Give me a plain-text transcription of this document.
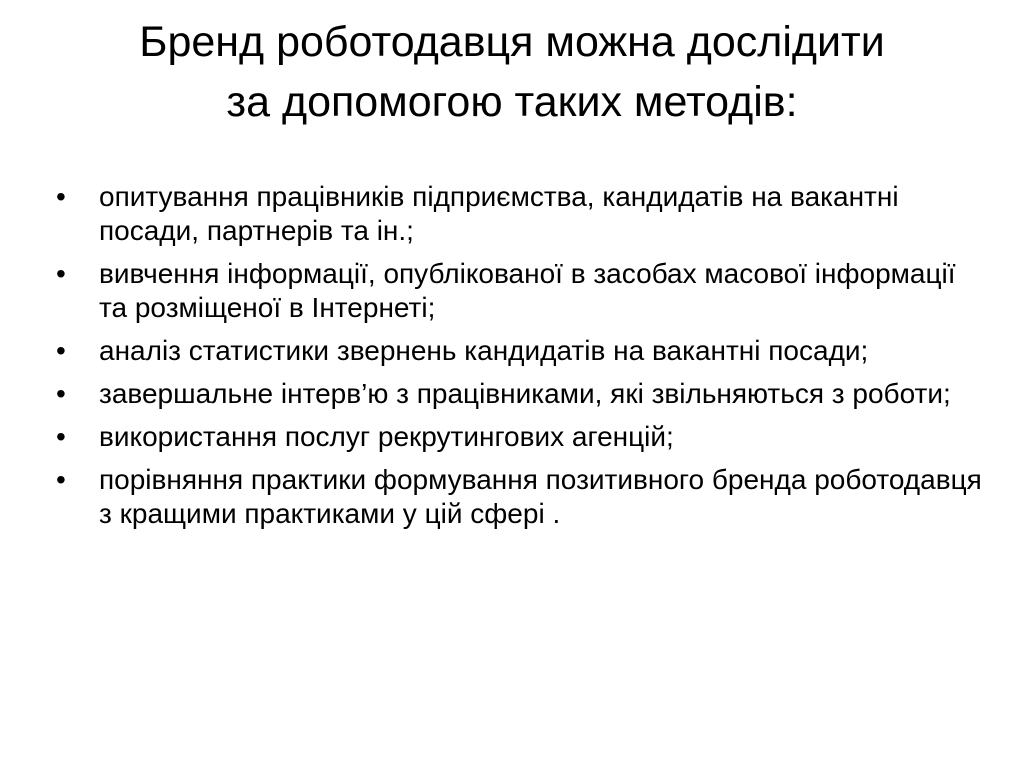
Бренд роботодавця можна дослідити
за допомогою таких методів:
•	опитування працівників підприємства, кандидатів на вакантні посади, партнерів та ін.;
•	вивчення інформації, опублікованої в засобах масової інформації та розміщеної в Інтернеті;
•	аналіз статистики звернень кандидатів на вакантні посади;
•	завершальне інтерв’ю з працівниками, які звільняються з роботи;
•	використання послуг рекрутингових агенцій;
•	порівняння практики формування позитивного бренда роботодавця з кращими практиками у цій сфері .
